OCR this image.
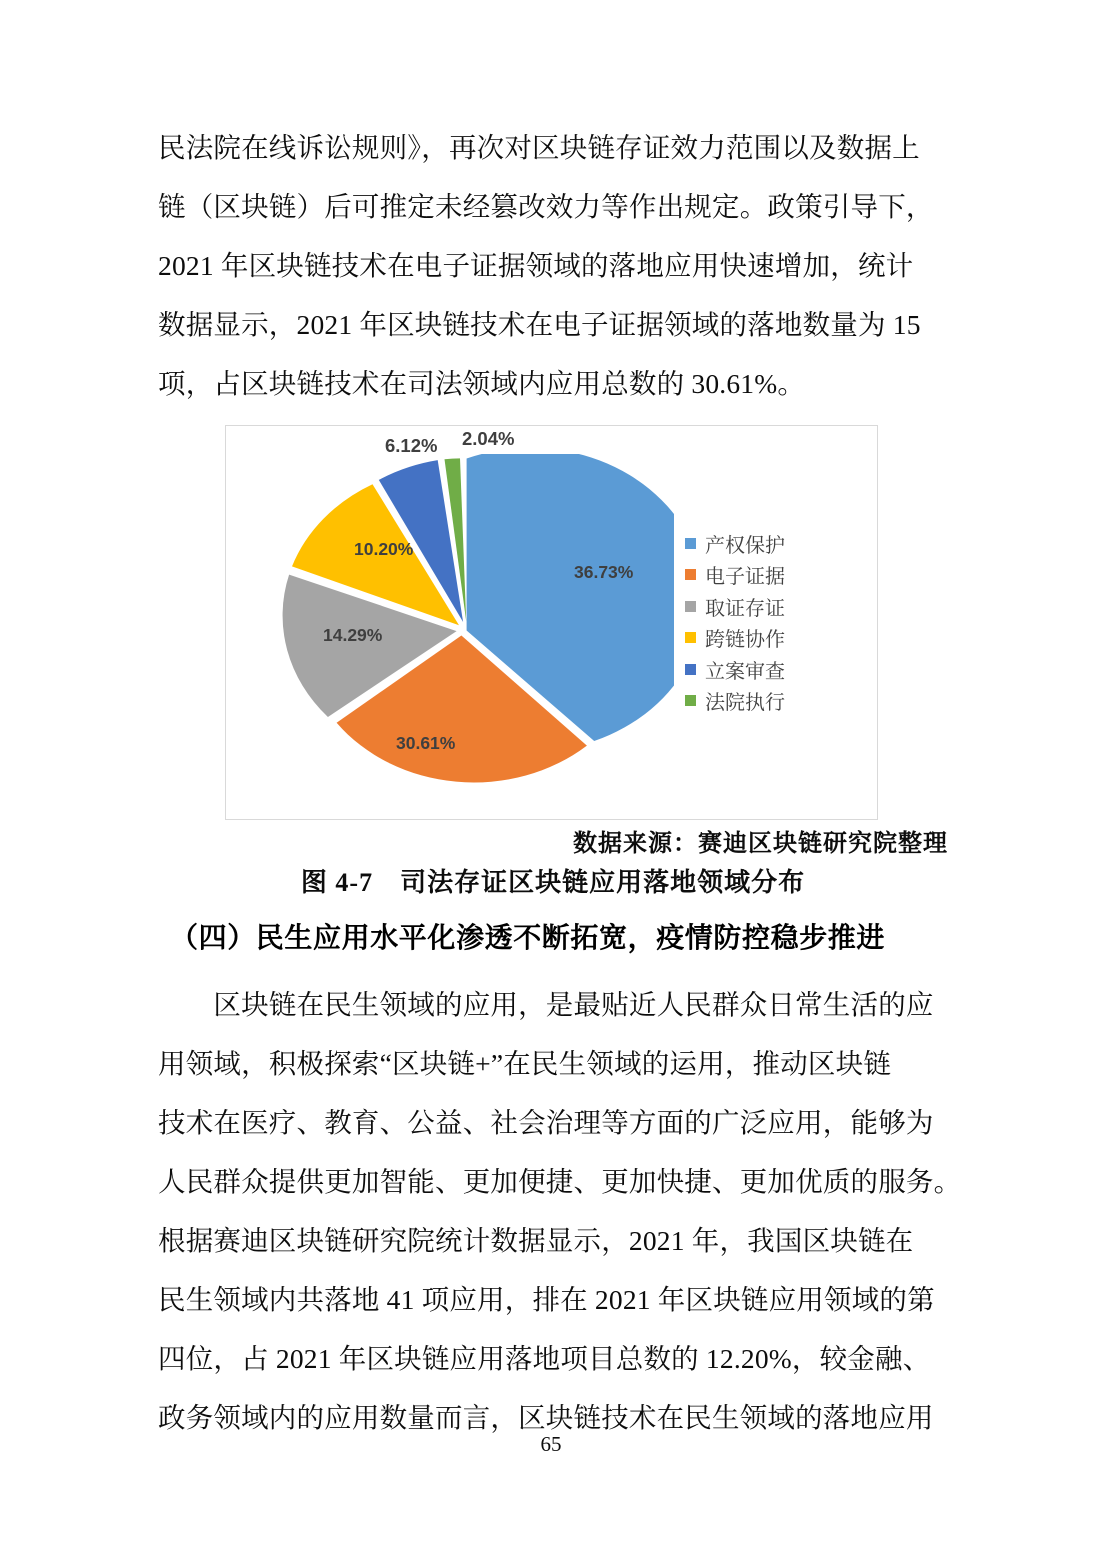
民法院在线诉讼规则》，再次对区块链存证效力范围以及数据上
链（区块链）后可推定未经篡改效力等作出规定。政策引导下，
2021 年区块链技术在电子证据领域的落地应用快速增加，统计
数据显示，2021 年区块链技术在电子证据领域的落地数量为 15
项，占区块链技术在司法领域内应用总数的 30.61%。

36.73%
30.61%
14.29%
10.20%
6.12% 2.04%
产权保护
电子证据
取证存证
跨链协作
立案审查
法院执行
数据来源：赛迪区块链研究院整理
图 4-7　司法存证区块链应用落地领域分布
（四）民生应用水平化渗透不断拓宽，疫情防控稳步推进

　　区块链在民生领域的应用，是最贴近人民群众日常生活的应
用领域，积极探索“区块链+”在民生领域的运用，推动区块链
技术在医疗、教育、公益、社会治理等方面的广泛应用，能够为
人民群众提供更加智能、更加便捷、更加快捷、更加优质的服务。
根据赛迪区块链研究院统计数据显示，2021 年，我国区块链在
民生领域内共落地 41 项应用，排在 2021 年区块链应用领域的第
四位，占 2021 年区块链应用落地项目总数的 12.20%，较金融、
政务领域内的应用数量而言，区块链技术在民生领域的落地应用

65
